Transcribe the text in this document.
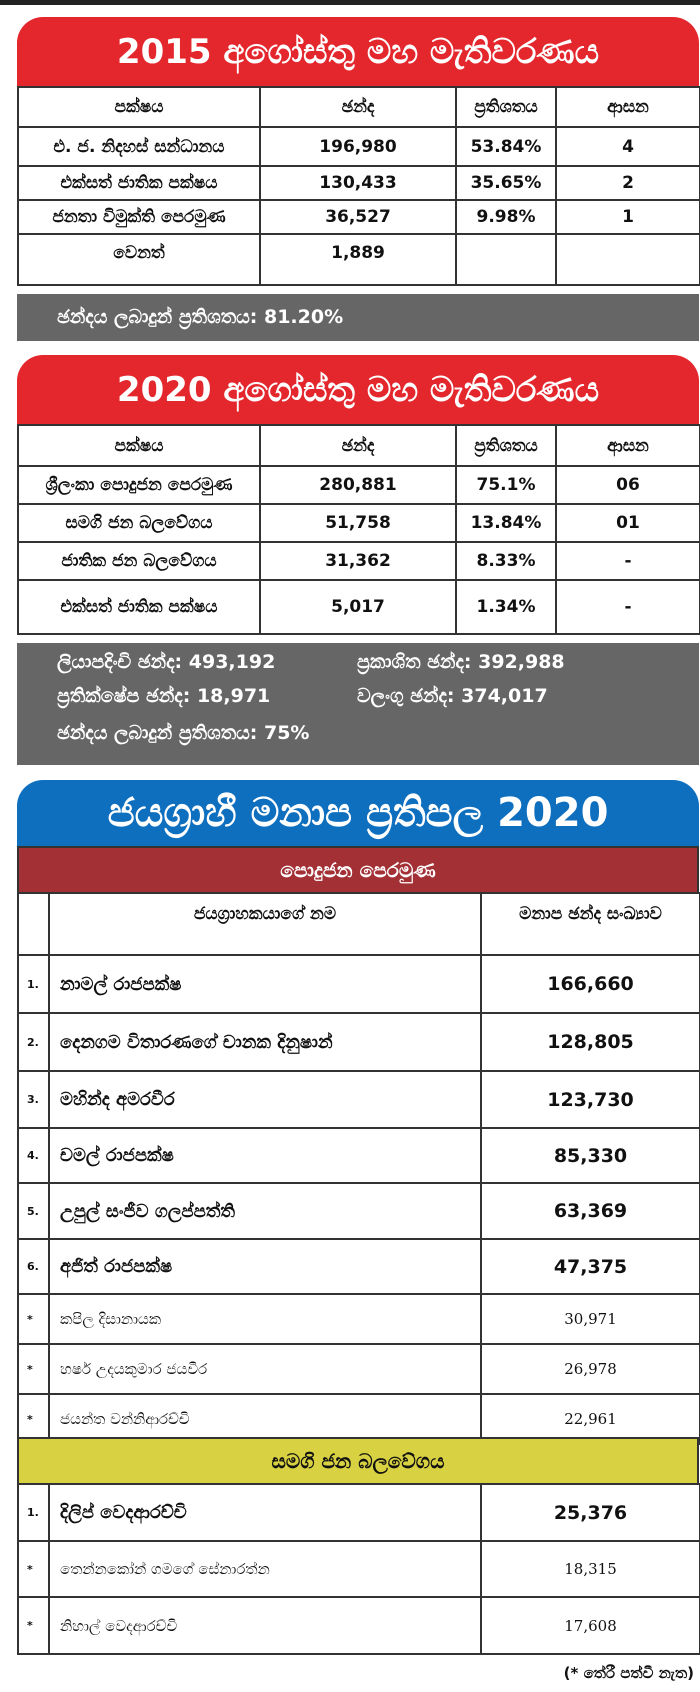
2015 අගෝස්තු මහ මැතිවරණය
පක්ෂය	ඡන්ද	ප්‍රතිශතය	ආසන
එ. ජ. නිදහස් සන්ධානය	196,980	53.84%	4
එක්සත් ජාතික පක්ෂය	130,433	35.65%	2
ජනතා විමුක්ති පෙරමුණ	36,527	9.98%	1
වෙනත්	1,889		
ඡන්දය ලබාදුන් ප්‍රතිශතය: 81.20%
2020 අගෝස්තු මහ මැතිවරණය
පක්ෂය	ඡන්ද	ප්‍රතිශතය	ආසන
ශ්‍රීලංකා පොදුජන පෙරමුණ	280,881	75.1%	06
සමගි ජන බලවේගය	51,758	13.84%	01
ජාතික ජන බලවේගය	31,362	8.33%	-
එක්සත් ජාතික පක්ෂය	5,017	1.34%	-
ලියාපදිංචි ඡන්ද: 493,192	ප්‍රකාශිත ඡන්ද: 392,988
ප්‍රතික්ෂේප ඡන්ද: 18,971	වලංගු ඡන්ද: 374,017
ඡන්දය ලබාදුන් ප්‍රතිශතය: 75%
ජයග්‍රාහී මනාප ප්‍රතිපල 2020
පොදුජන පෙරමුණ
	ජයග්‍රාහකයාගේ නම	මනාප ඡන්ද සංඛ්‍යාව
1.	නාමල් රාජපක්ෂ	166,660
2.	දෙනගම විතාරණගේ චානක දිනුෂාන්	128,805
3.	මහින්ද අමරවීර	123,730
4.	චමල් රාජපක්ෂ	85,330
5.	උපුල් සංජීව ගලප්පත්ති	63,369
6.	අජිත් රාජපක්ෂ	47,375
*	කපිල දිසානායක	30,971
*	හර්ෂ උදයකුමාර ජයවීර	26,978
*	ජයන්ත වන්නිආරච්චි	22,961
සමගි ජන බලවේගය
1.	දිලිප් වෙදආරච්චි	25,376
*	තෙන්නකෝන් ගමගේ සේනාරත්න	18,315
*	නිහාල් වෙදආරච්චි	17,608
(* තේරී පත්වී නැත)
